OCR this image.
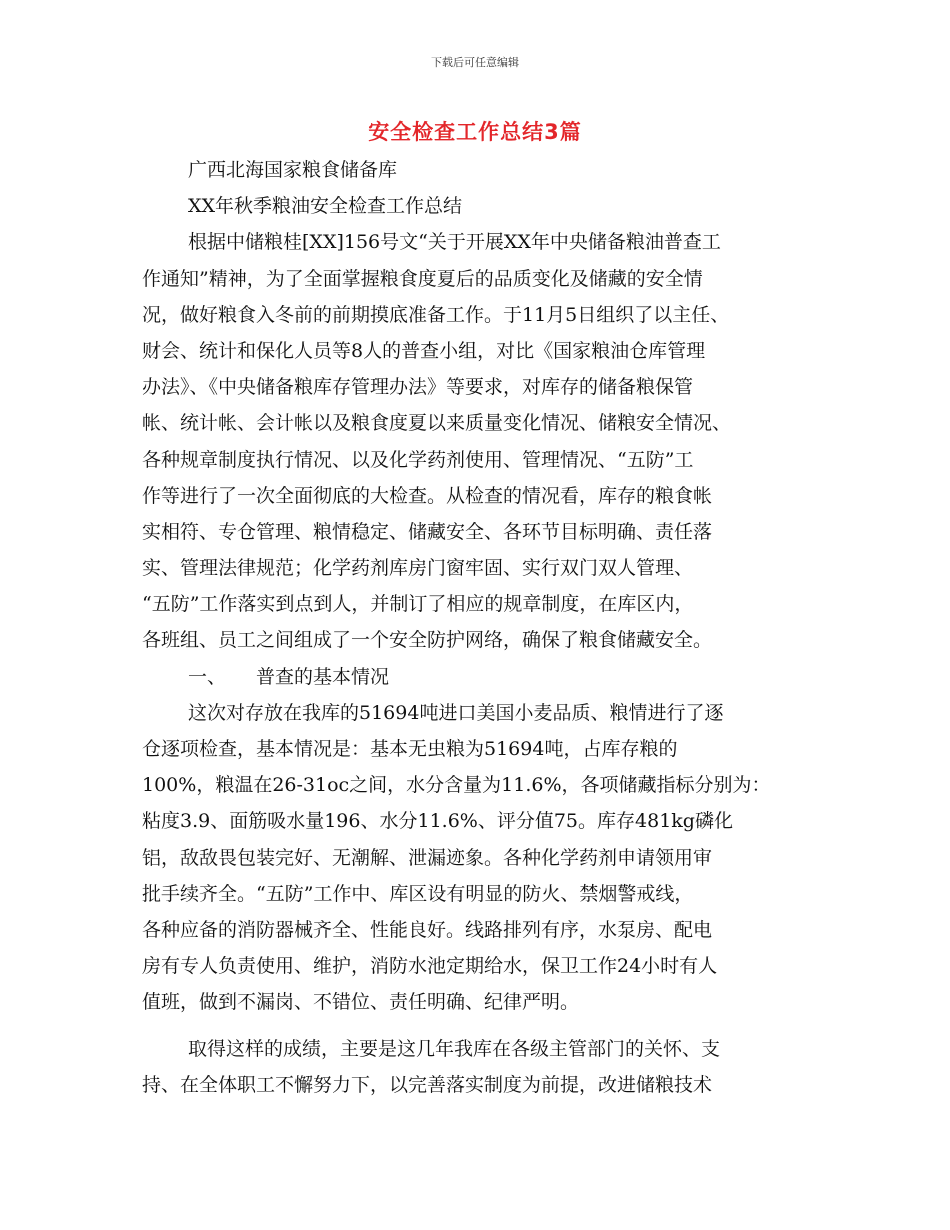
下载后可任意编辑
安全检查工作总结3篇
广西北海国家粮食储备库
XX年秋季粮油安全检查工作总结
根据中储粮桂[XX]156号文“关于开展XX年中央储备粮油普查工
作通知”精神，为了全面掌握粮食度夏后的品质变化及储藏的安全情
况，做好粮食入冬前的前期摸底准备工作。于11月5日组织了以主任、
财会、统计和保化人员等8人的普查小组，对比《国家粮油仓库管理
办法》、《中央储备粮库存管理办法》等要求，对库存的储备粮保管
帐、统计帐、会计帐以及粮食度夏以来质量变化情况、储粮安全情况、
各种规章制度执行情况、以及化学药剂使用、管理情况、“五防”工
作等进行了一次全面彻底的大检查。从检查的情况看，库存的粮食帐
实相符、专仓管理、粮情稳定、储藏安全、各环节目标明确、责任落
实、管理法律规范；化学药剂库房门窗牢固、实行双门双人管理、
“五防”工作落实到点到人，并制订了相应的规章制度，在库区内，
各班组、员工之间组成了一个安全防护网络，确保了粮食储藏安全。
一、 普查的基本情况
这次对存放在我库的51694吨进口美国小麦品质、粮情进行了逐
仓逐项检查，基本情况是：基本无虫粮为51694吨，占库存粮的
100%，粮温在26-31oc之间，水分含量为11.6%，各项储藏指标分别为：
粘度3.9、面筋吸水量196、水分11.6%、评分值75。库存481kg磷化
铝，敌敌畏包装完好、无潮解、泄漏迹象。各种化学药剂申请领用审
批手续齐全。“五防”工作中、库区设有明显的防火、禁烟警戒线，
各种应备的消防器械齐全、性能良好。线路排列有序，水泵房、配电
房有专人负责使用、维护，消防水池定期给水，保卫工作24小时有人
值班，做到不漏岗、不错位、责任明确、纪律严明。
取得这样的成绩，主要是这几年我库在各级主管部门的关怀、支
持、在全体职工不懈努力下，以完善落实制度为前提，改进储粮技术
